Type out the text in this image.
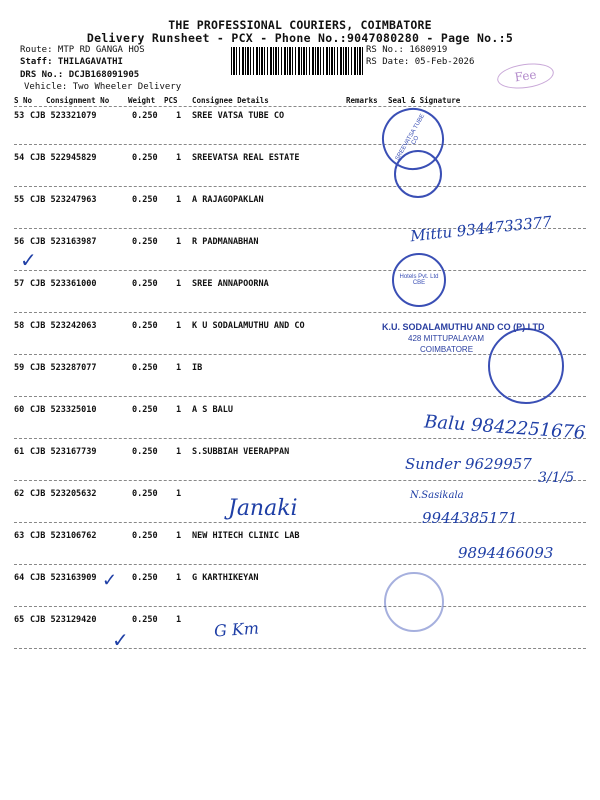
THE PROFESSIONAL COURIERS, COIMBATORE
Delivery Runsheet - PCX - Phone No.:9047080280 - Page No.:5
Route: MTP RD GANGA HOS
Staff: THILAGAVATHI
DRS No.: DCJB168091905
Vehicle: Two Wheeler Delivery
RS No.: 1680919
RS Date: 05-Feb-2026
Fee
S No Consignment No	Weight PCS Consignee Details	Remarks Seal & Signature
53 CJB 523321079	0.250 1 SREE VATSA TUBE CO
54 CJB 522945829	0.250 1 SREEVATSA REAL ESTATE
55 CJB 523247963	0.250 1 A RAJAGOPAKLAN
56 CJB 523163987	0.250 1 R PADMANABHAN
57 CJB 523361000	0.250 1 SREE ANNAPOORNA
58 CJB 523242063	0.250 1 K U SODALAMUTHU AND CO
59 CJB 523287077	0.250 1 IB
60 CJB 523325010	0.250 1 A S BALU
61 CJB 523167739	0.250 1 S.SUBBIAH VEERAPPAN
62 CJB 523205632	0.250 1
63 CJB 523106762	0.250 1 NEW HITECH CLINIC LAB
64 CJB 523163909	0.250 1 G KARTHIKEYAN
65 CJB 523129420	0.250 1
SREEVATSA TUBE CO
Hotels Pvt. Ltd CBE
K.U. SODALAMUTHU AND CO (P) LTD
428 MITTUPALAYAM
COIMBATORE
Mittu 9344733377
Balu 9842251676
Sunder 9629957
3/1/5
Janaki
N.Sasikala
9944385171
9894466093
G Km
✓
✓
✓
